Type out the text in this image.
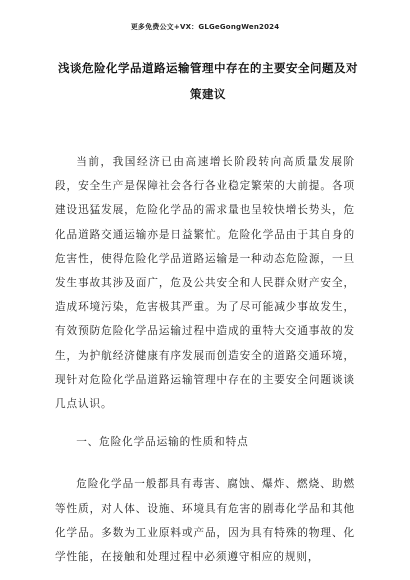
更多免费公文+VX：GLGeGongWen2024
浅谈危险化学品道路运输管理中存在的主要安全问题及对策建议

当前，我国经济已由高速增长阶段转向高质量发展阶段，安全生产是保障社会各行各业稳定繁荣的大前提。各项建设迅猛发展，危险化学品的需求量也呈较快增长势头，危化品道路交通运输亦是日益繁忙。危险化学品由于其自身的危害性，使得危险化学品道路运输是一种动态危险源，一旦发生事故其涉及面广，危及公共安全和人民群众财产安全，造成环境污染，危害极其严重。为了尽可能减少事故发生，有效预防危险化学品运输过程中造成的重特大交通事故的发生，为护航经济健康有序发展而创造安全的道路交通环境，现针对危险化学品道路运输管理中存在的主要安全问题谈谈几点认识。

一、危险化学品运输的性质和特点

危险化学品一般都具有毒害、腐蚀、爆炸、燃烧、助燃等性质，对人体、设施、环境具有危害的剧毒化学品和其他化学品。多数为工业原料或产品，因为具有特殊的物理、化学性能，在接触和处理过程中必须遵守相应的规则，
